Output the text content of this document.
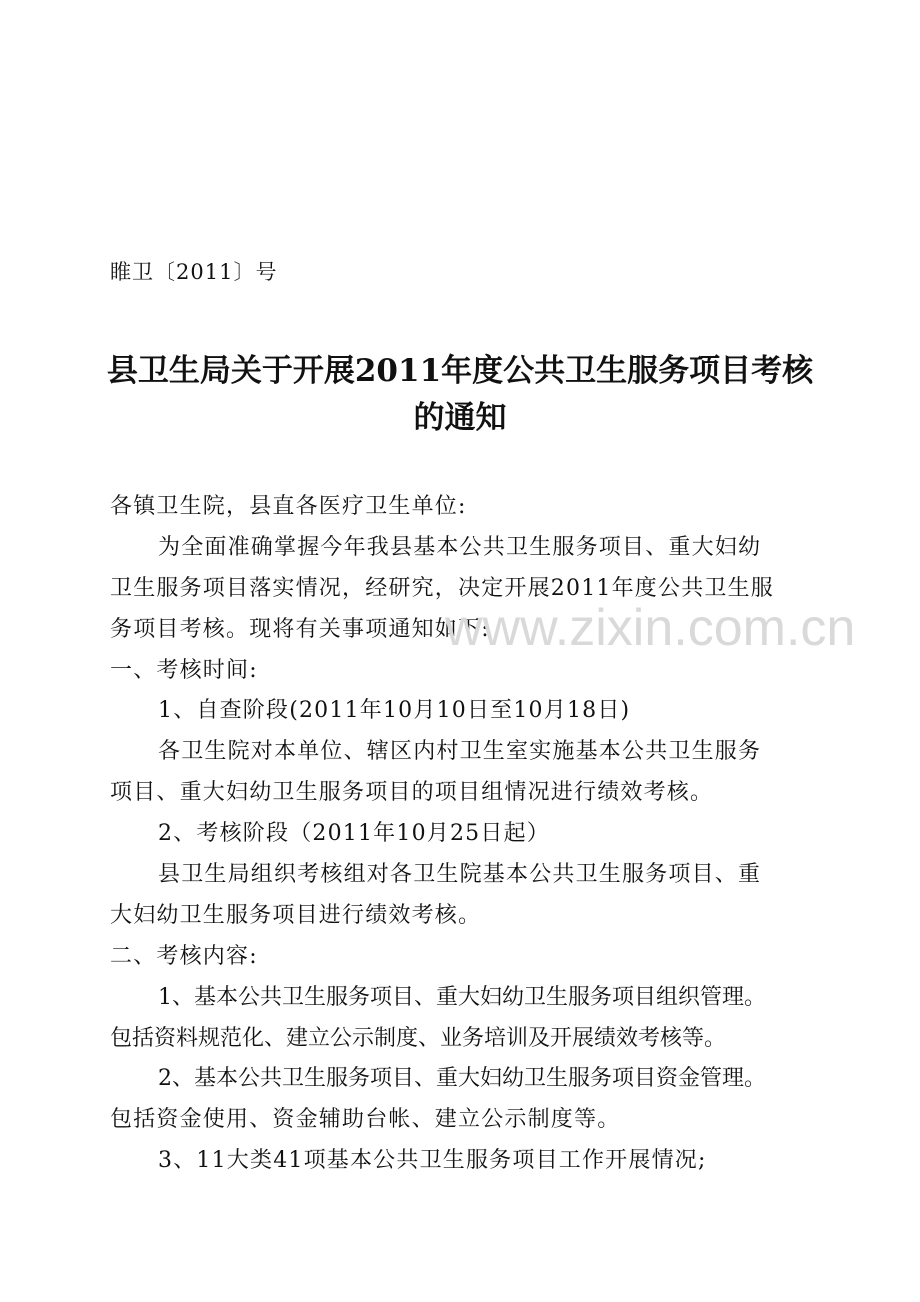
睢卫〔2011〕号
县卫生局关于开展2011年度公共卫生服务项目考核
的通知
各镇卫生院，县直各医疗卫生单位:
为全面准确掌握今年我县基本公共卫生服务项目、重大妇幼
卫生服务项目落实情况，经研究，决定开展2011年度公共卫生服
务项目考核。现将有关事项通知如下:
一、考核时间:
1、自查阶段(2011年10月10日至10月18日)
各卫生院对本单位、辖区内村卫生室实施基本公共卫生服务
项目、重大妇幼卫生服务项目的项目组情况进行绩效考核。
2、考核阶段（2011年10月25日起）
县卫生局组织考核组对各卫生院基本公共卫生服务项目、重
大妇幼卫生服务项目进行绩效考核。
二、考核内容:
1、基本公共卫生服务项目、重大妇幼卫生服务项目组织管理。
包括资料规范化、建立公示制度、业务培训及开展绩效考核等。
2、基本公共卫生服务项目、重大妇幼卫生服务项目资金管理。
包括资金使用、资金辅助台帐、建立公示制度等。
3、11大类41项基本公共卫生服务项目工作开展情况;
www.zixin.com.cn
